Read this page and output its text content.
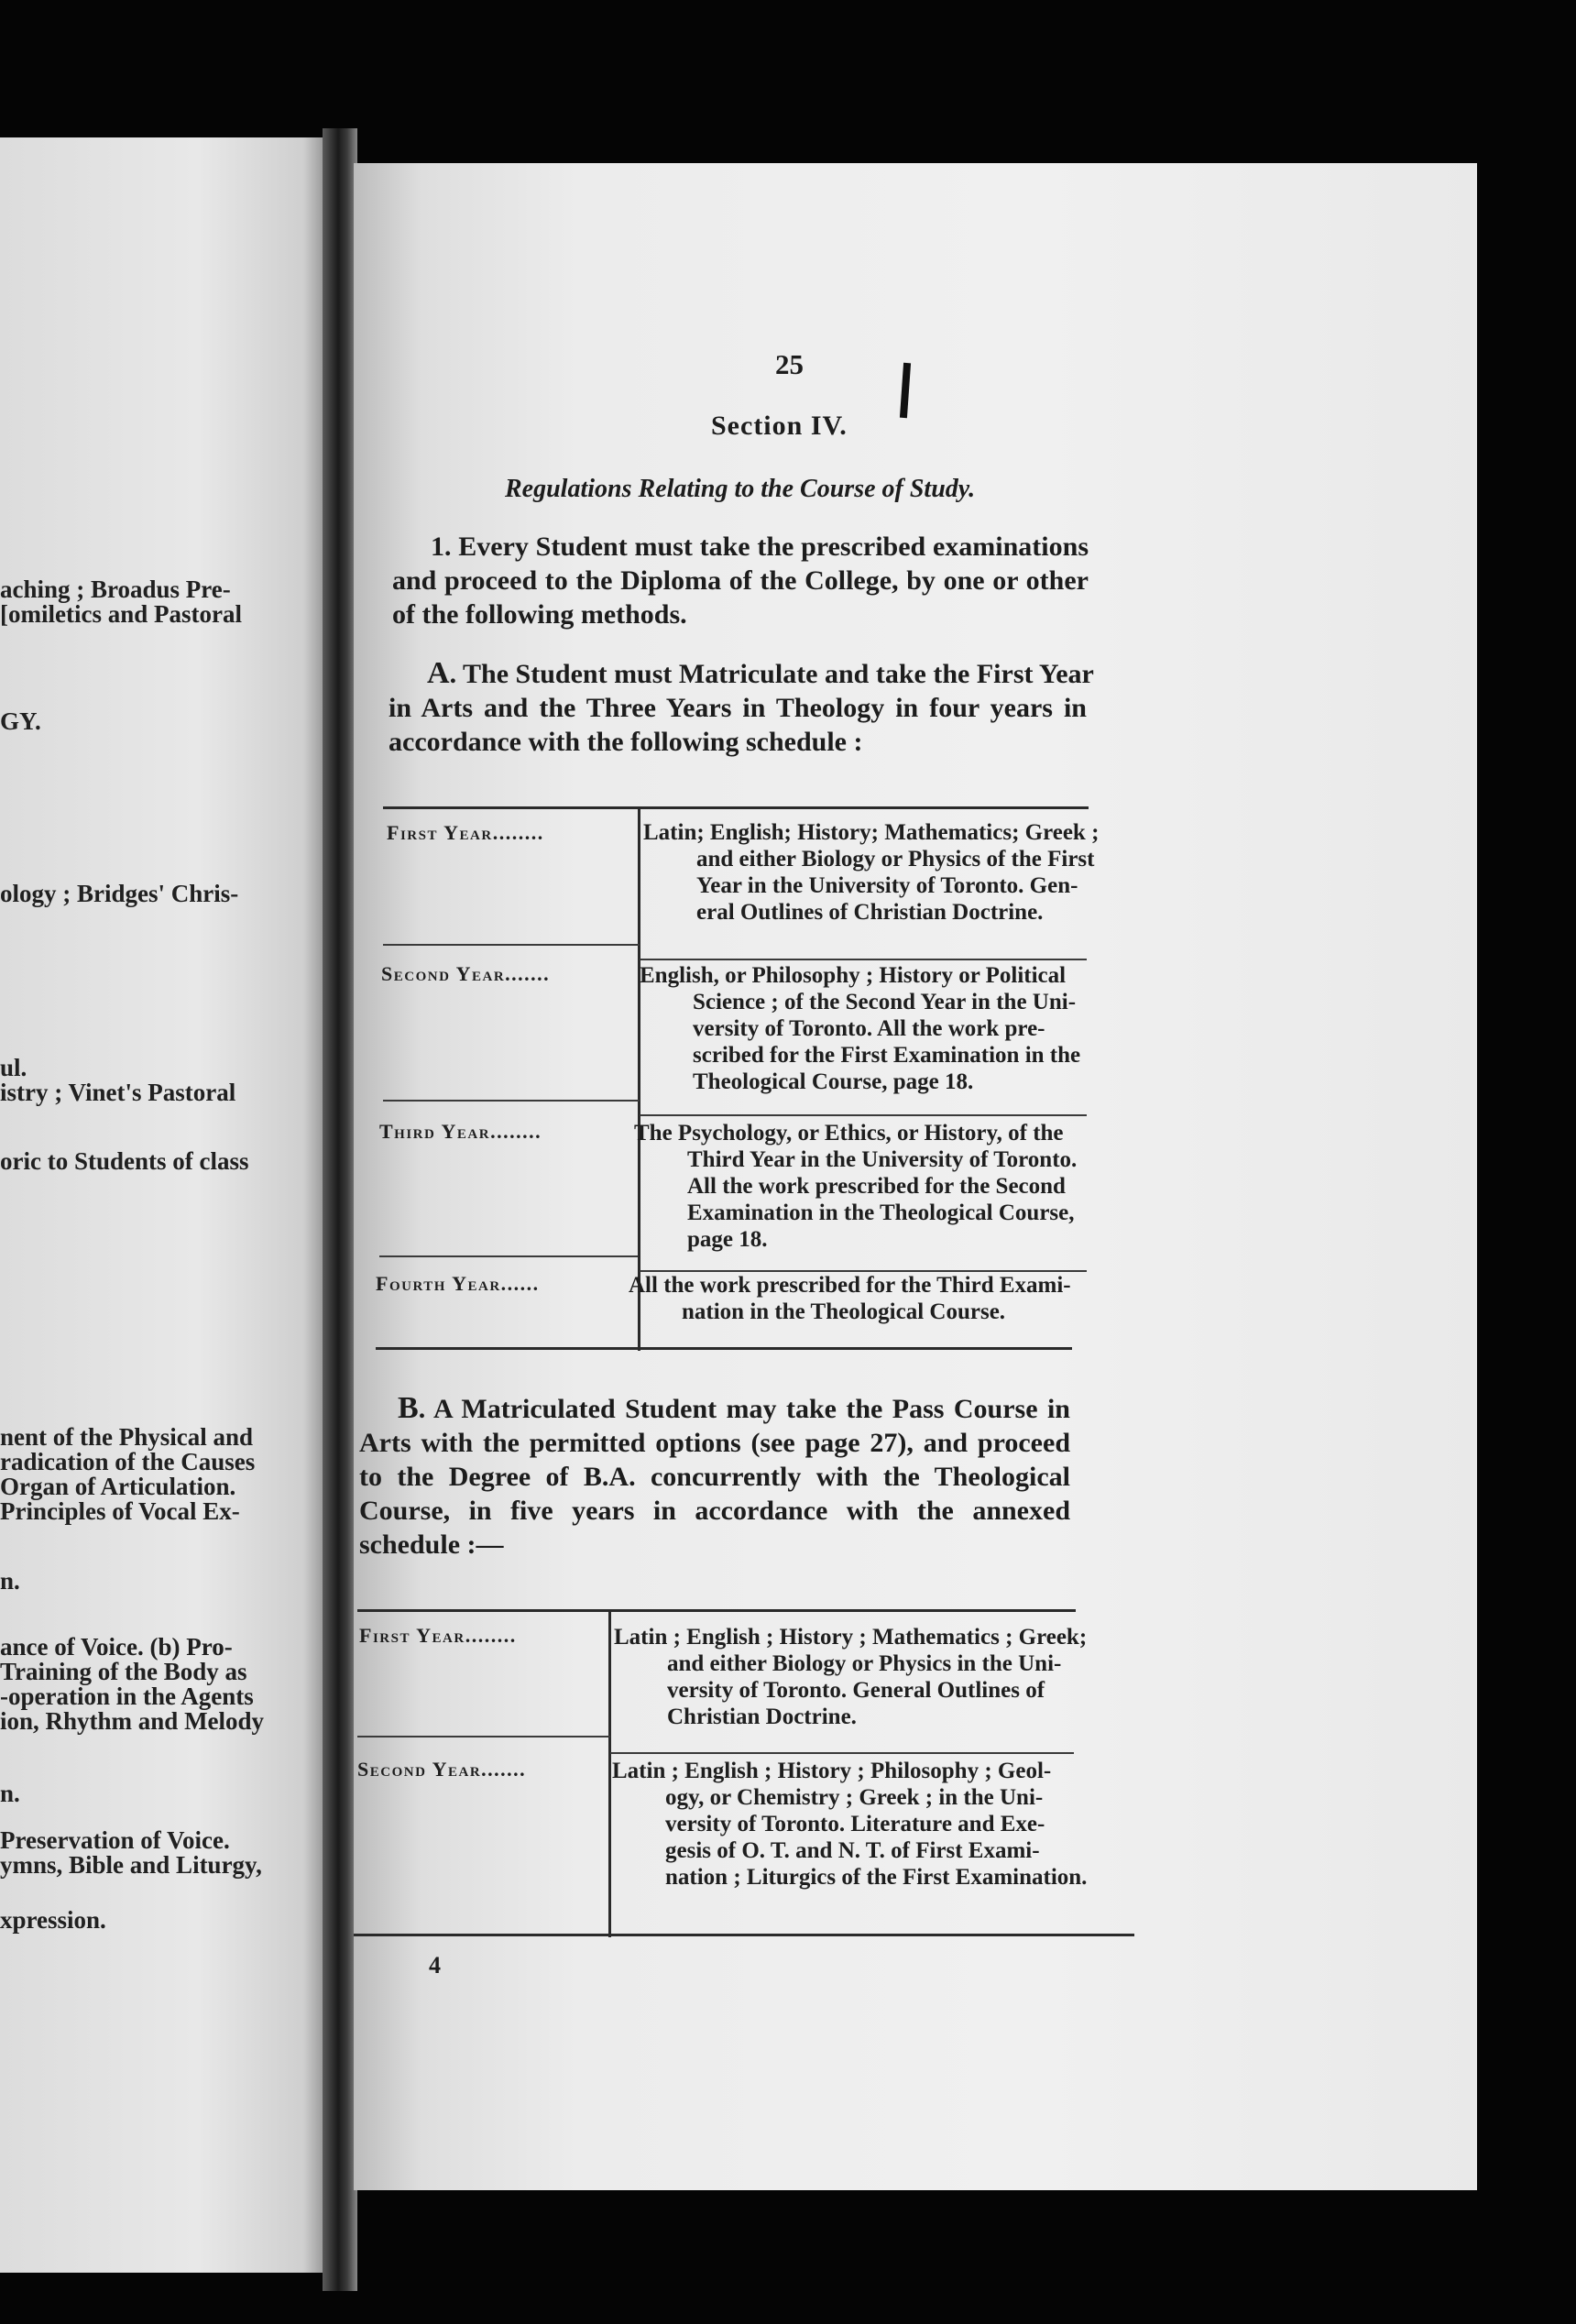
aching ; Broadus Pre-
[omiletics and Pastoral
GY.
ology ; Bridges' Chris-
ul.
istry ; Vinet's Pastoral
oric to Students of class
nent of the Physical and
radication of the Causes
Organ of Articulation.
Principles of Vocal Ex-
n.
ance of Voice. (b) Pro-
Training of the Body as
-operation in the Agents
ion, Rhythm and Melody
n.
Preservation of Voice.
ymns, Bible and Liturgy,
xpression.
25
Section IV.
Regulations Relating to the Course of Study.
1. Every Student must take the prescribed examinations
and proceed to the Diploma of the College, by one or other
of the following methods.
A. The Student must Matriculate and take the First Year
in Arts and the Three Years in Theology in four years in
accordance with the following schedule :
First Year........	Latin; English; History; Mathematics; Greek ;
and either Biology or Physics of the First
Year in the University of Toronto. Gen-
eral Outlines of Christian Doctrine.
Second Year.......	English, or Philosophy ; History or Political
Science ; of the Second Year in the Uni-
versity of Toronto. All the work pre-
scribed for the First Examination in the
Theological Course, page 18.
Third Year........	The Psychology, or Ethics, or History, of the
Third Year in the University of Toronto.
All the work prescribed for the Second
Examination in the Theological Course,
page 18.
Fourth Year......	All the work prescribed for the Third Exami-
nation in the Theological Course.
B. A Matriculated Student may take the Pass Course in
Arts with the permitted options (see page 27), and proceed
to the Degree of B.A. concurrently with the Theological
Course, in five years in accordance with the annexed
schedule :—
First Year........	Latin ; English ; History ; Mathematics ; Greek;
and either Biology or Physics in the Uni-
versity of Toronto. General Outlines of
Christian Doctrine.
Second Year.......	Latin ; English ; History ; Philosophy ; Geol-
ogy, or Chemistry ; Greek ; in the Uni-
versity of Toronto. Literature and Exe-
gesis of O. T. and N. T. of First Exami-
nation ; Liturgics of the First Examination.
4
